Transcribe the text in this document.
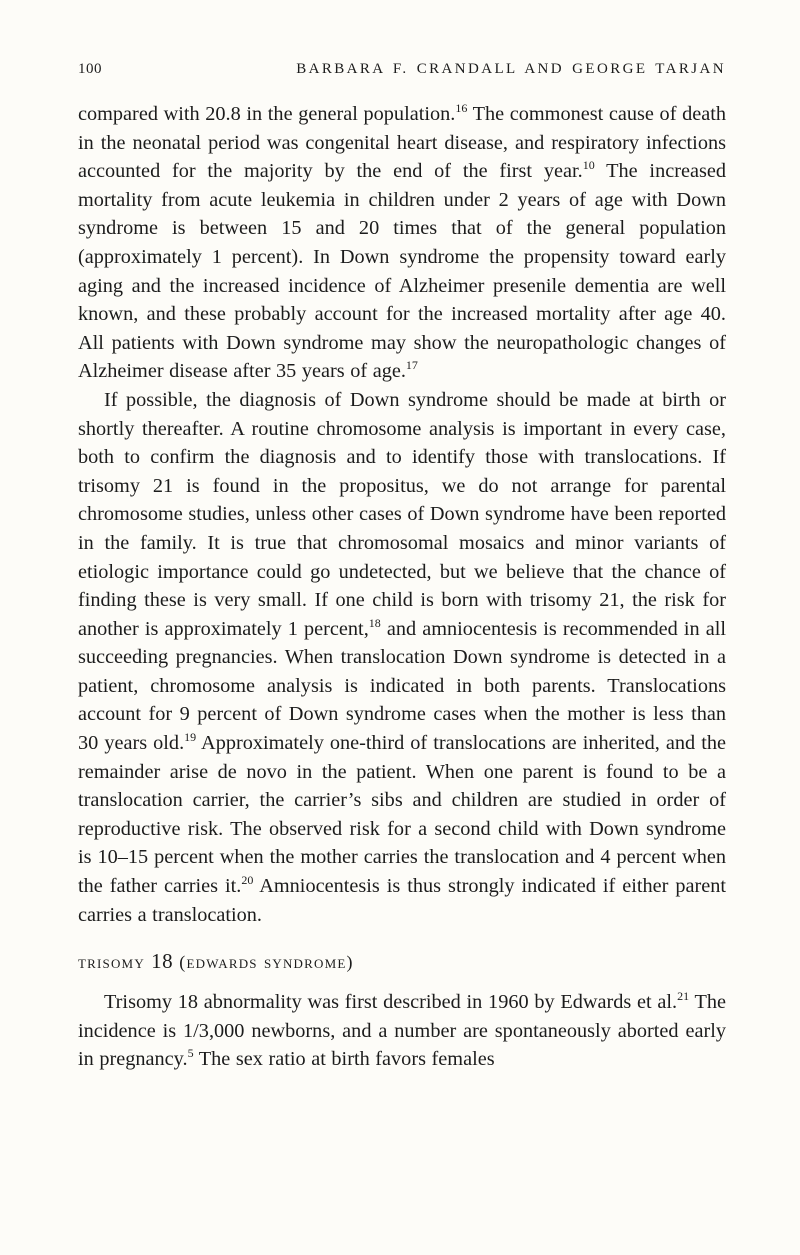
100	BARBARA F. CRANDALL AND GEORGE TARJAN

compared with 20.8 in the general population.$^{16}$ The commonest cause of death in the neonatal period was congenital heart disease, and respiratory infections accounted for the majority by the end of the first year.$^{10}$ The increased mortality from acute leukemia in children under 2 years of age with Down syndrome is between 15 and 20 times that of the general population (approximately 1 percent). In Down syndrome the propensity toward early aging and the increased incidence of Alzheimer presenile dementia are well known, and these probably account for the increased mortality after age 40. All patients with Down syndrome may show the neuropathologic changes of Alzheimer disease after 35 years of age.$^{17}$

If possible, the diagnosis of Down syndrome should be made at birth or shortly thereafter. A routine chromosome analysis is important in every case, both to confirm the diagnosis and to identify those with translocations. If trisomy 21 is found in the propositus, we do not arrange for parental chromosome studies, unless other cases of Down syndrome have been reported in the family. It is true that chromosomal mosaics and minor variants of etiologic importance could go undetected, but we believe that the chance of finding these is very small. If one child is born with trisomy 21, the risk for another is approximately 1 percent,$^{18}$ and amniocentesis is recommended in all succeeding pregnancies. When translocation Down syndrome is detected in a patient, chromosome analysis is indicated in both parents. Translocations account for 9 percent of Down syndrome cases when the mother is less than 30 years old.$^{19}$ Approximately one-third of translocations are inherited, and the remainder arise de novo in the patient. When one parent is found to be a translocation carrier, the carrier’s sibs and children are studied in order of reproductive risk. The observed risk for a second child with Down syndrome is 10–15 percent when the mother carries the translocation and 4 percent when the father carries it.$^{20}$ Amniocentesis is thus strongly indicated if either parent carries a translocation.

trisomy 18 (edwards syndrome)

Trisomy 18 abnormality was first described in 1960 by Edwards et al.$^{21}$ The incidence is 1/3,000 newborns, and a number are spontaneously aborted early in pregnancy.$^5$ The sex ratio at birth favors females
